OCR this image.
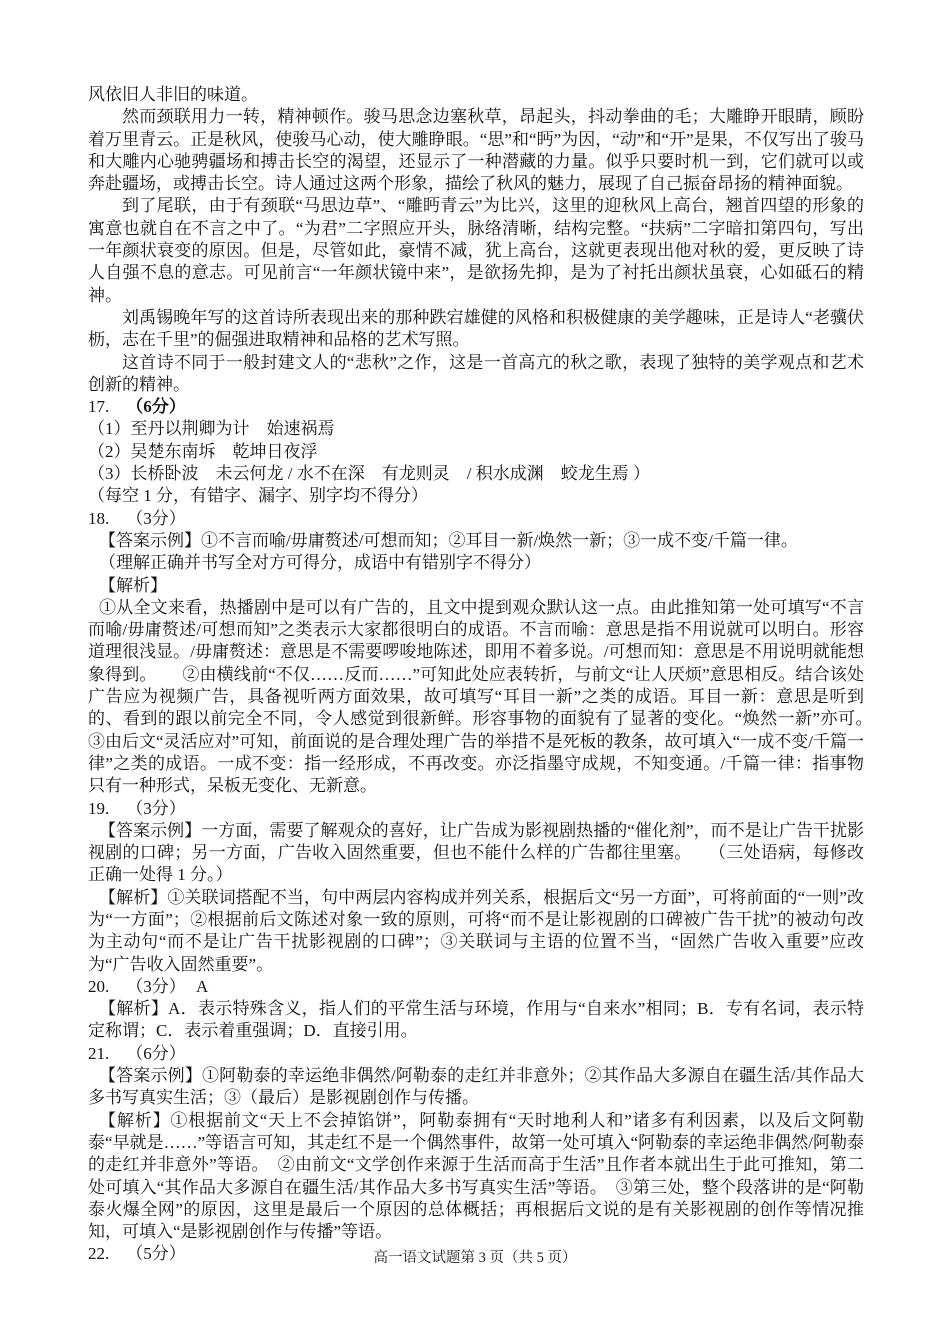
风依旧人非旧的味道。

然而颈联用力一转，精神顿作。骏马思念边塞秋草，昂起头，抖动拳曲的毛；大雕睁开眼睛，顾盼着万里青云。正是秋风，使骏马心动，使大雕睁眼。“思”和“眄”为因，“动”和“开”是果，不仅写出了骏马和大雕内心驰骋疆场和搏击长空的渴望，还显示了一种潜藏的力量。似乎只要时机一到，它们就可以或奔赴疆场，或搏击长空。诗人通过这两个形象，描绘了秋风的魅力，展现了自己振奋昂扬的精神面貌。

到了尾联，由于有颈联“马思边草”、“雕眄青云”为比兴，这里的迎秋风上高台，翘首四望的形象的寓意也就自在不言之中了。“为君”二字照应开头，脉络清晰，结构完整。“扶病”二字暗扣第四句，写出一年颜状衰变的原因。但是，尽管如此，豪情不减，犹上高台，这就更表现出他对秋的爱，更反映了诗人自强不息的意志。可见前言“一年颜状镜中来”，是欲扬先抑，是为了衬托出颜状虽衰，心如砥石的精神。

刘禹锡晚年写的这首诗所表现出来的那种跌宕雄健的风格和积极健康的美学趣味，正是诗人“老骥伏枥，志在千里”的倔强进取精神和品格的艺术写照。

这首诗不同于一般封建文人的“悲秋”之作，这是一首高亢的秋之歌，表现了独特的美学观点和艺术创新的精神。

17. （6分）

（1）至丹以荆卿为计　始速祸焉

（2）吴楚东南坼　乾坤日夜浮

（3）长桥卧波　未云何龙 / 水不在深　有龙则灵　/ 积水成渊　蛟龙生焉 ）

（每空 1 分，有错字、漏字、别字均不得分）

18. （3分）

【答案示例】①不言而喻/毋庸赘述/可想而知；②耳目一新/焕然一新；③一成不变/千篇一律。

（理解正确并书写全对方可得分，成语中有错别字不得分）

【解析】

①从全文来看，热播剧中是可以有广告的，且文中提到观众默认这一点。由此推知第一处可填写“不言而喻/毋庸赘述/可想而知”之类表示大家都很明白的成语。不言而喻：意思是指不用说就可以明白。形容道理很浅显。/毋庸赘述：意思是不需要啰唆地陈述，即用不着多说。/可想而知：意思是不用说明就能想象得到。　　②由横线前“不仅……反而……”可知此处应表转折，与前文“让人厌烦”意思相反。结合该处广告应为视频广告，具备视听两方面效果，故可填写“耳目一新”之类的成语。耳目一新：意思是听到的、看到的跟以前完全不同，令人感觉到很新鲜。形容事物的面貌有了显著的变化。“焕然一新”亦可。　　③由后文“灵活应对”可知，前面说的是合理处理广告的举措不是死板的教条，故可填入“一成不变/千篇一律”之类的成语。一成不变：指一经形成，不再改变。亦泛指墨守成规，不知变通。/千篇一律：指事物只有一种形式，呆板无变化、无新意。

19. （3分）

【答案示例】一方面，需要了解观众的喜好，让广告成为影视剧热播的“催化剂”，而不是让广告干扰影视剧的口碑；另一方面，广告收入固然重要，但也不能什么样的广告都往里塞。　　（三处语病，每修改正确一处得 1 分。）

【解析】①关联词搭配不当，句中两层内容构成并列关系，根据后文“另一方面”，可将前面的“一则”改为“一方面”；②根据前后文陈述对象一致的原则，可将“而不是让影视剧的口碑被广告干扰”的被动句改为主动句“而不是让广告干扰影视剧的口碑”；③关联词与主语的位置不当，“固然广告收入重要”应改为“广告收入固然重要”。

20. （3分） A

【解析】A．表示特殊含义，指人们的平常生活与环境，作用与“自来水”相同；B．专有名词，表示特定称谓；C．表示着重强调；D．直接引用。

21. （6分）

【答案示例】①阿勒泰的幸运绝非偶然/阿勒泰的走红并非意外；②其作品大多源自在疆生活/其作品大多书写真实生活；③（最后）是影视剧创作与传播。

【解析】①根据前文“天上不会掉馅饼”，阿勒泰拥有“天时地利人和”诸多有利因素，以及后文阿勒泰“早就是……”等语言可知，其走红不是一个偶然事件，故第一处可填入“阿勒泰的幸运绝非偶然/阿勒泰的走红并非意外”等语。　②由前文“文学创作来源于生活而高于生活”且作者本就出生于此可推知，第二处可填入“其作品大多源自在疆生活/其作品大多书写真实生活”等语。　③第三处，整个段落讲的是“阿勒泰火爆全网”的原因，这里是最后一个原因的总体概括；再根据后文说的是有关影视剧的创作等情况推知，可填入“是影视剧创作与传播”等语。

22. （5分）	高一语文试题第 3 页（共 5 页）
